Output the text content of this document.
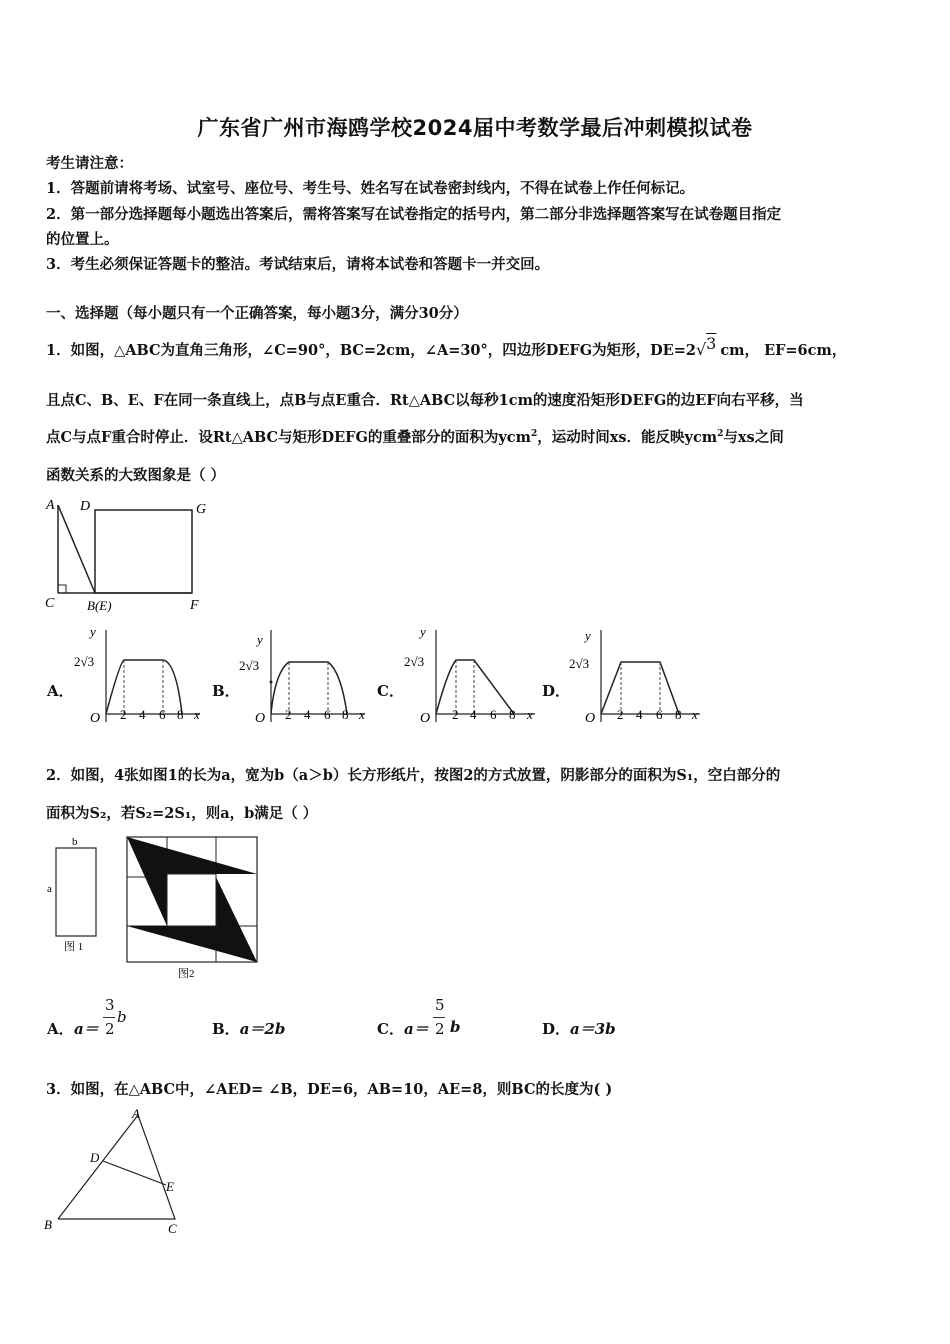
广东省广州市海鸥学校2024届中考数学最后冲刺模拟试卷
考生请注意：
1．答题前请将考场、试室号、座位号、考生号、姓名写在试卷密封线内，不得在试卷上作任何标记。
2．第一部分选择题每小题选出答案后，需将答案写在试卷指定的括号内，第二部分非选择题答案写在试卷题目指定
的位置上。
3．考生必须保证答题卡的整洁。考试结束后，请将本试卷和答题卡一并交回。
一、选择题（每小题只有一个正确答案，每小题3分，满分30分）
1．如图，△ABC为直角三角形，∠C=90°，BC=2cm，∠A=30°，四边形DEFG为矩形，DE=2√3 cm， EF=6cm，
且点C、B、E、F在同一条直线上，点B与点E重合．Rt△ABC以每秒1cm的速度沿矩形DEFG的边EF向右平移，当
点C与点F重合时停止．设Rt△ABC与矩形DEFG的重叠部分的面积为ycm$^2$，运动时间xs．能反映ycm$^2$与xs之间
函数关系的大致图象是（ ）
A D	G
C	B(E)	F
A．	B．	C．	D．
y
2√3
O 2 4 6 8 x
y
2√3
O 2 4 6 8 x
y
2√3
O 2 4 6 8 x
y
2√3
O 2 4 6 8 x
2．如图，4张如图1的长为a，宽为b（a＞b）长方形纸片，按图2的方式放置，阴影部分的面积为S₁，空白部分的
面积为S₂，若S₂=2S₁，则a，b满足（ ）
b
a
图 1
图2
A． a＝
3
2
b
B．a＝2b	C． a＝
5
2 b	D．a＝3b
3．如图，在△ABC中，∠AED= ∠B，DE=6，AB=10，AE=8，则BC的长度为( )
A
D
E
B	C
